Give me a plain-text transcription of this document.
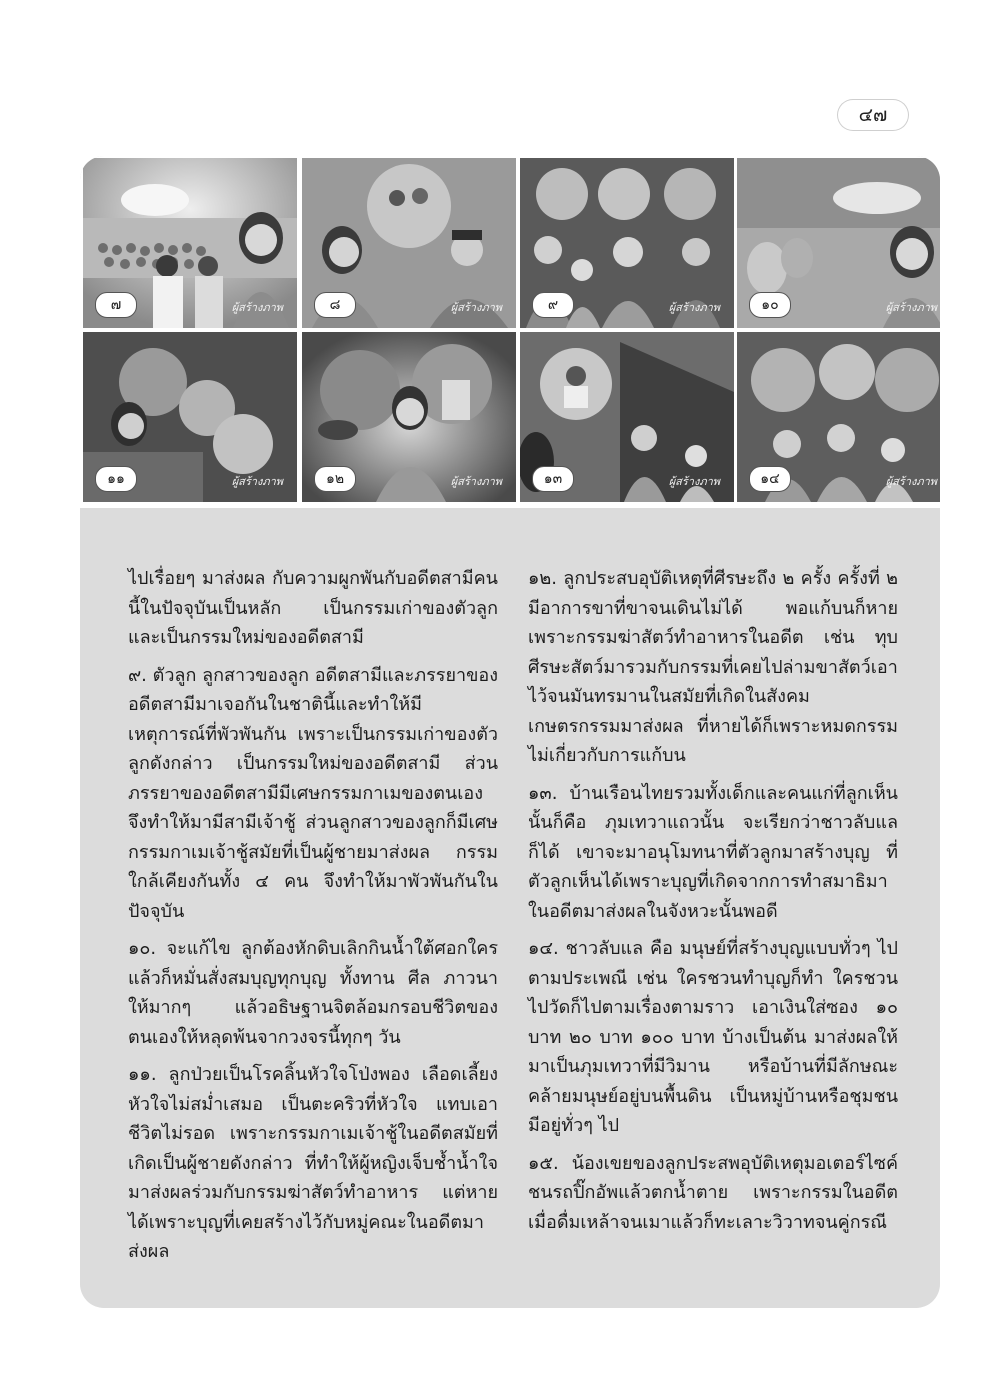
๔๗
๗	ผู้สร้างภาพ	๘	ผู้สร้างภาพ	๙	ผู้สร้างภาพ	๑๐	ผู้สร้างภาพ
๑๑	ผู้สร้างภาพ	๑๒	ผู้สร้างภาพ	๑๓	ผู้สร้างภาพ	๑๔	ผู้สร้างภาพ

ไปเรื่อยๆ มาส่งผล กับความผูกพันกับอดีตสามีคนนี้ในปัจจุบันเป็นหลัก เป็นกรรมเก่าของตัวลูก และเป็นกรรมใหม่ของอดีตสามี

๙. ตัวลูก ลูกสาวของลูก อดีตสามีและภรรยาของอดีตสามีมาเจอกันในชาตินี้และทำให้มีเหตุการณ์ที่พัวพันกัน เพราะเป็นกรรมเก่าของตัวลูกดังกล่าว เป็นกรรมใหม่ของอดีตสามี ส่วนภรรยาของอดีตสามีมีเศษกรรมกาเมของตนเอง จึงทำให้มามีสามีเจ้าชู้ ส่วนลูกสาวของลูกก็มีเศษกรรมกาเมเจ้าชู้สมัยที่เป็นผู้ชายมาส่งผล กรรมใกล้เคียงกันทั้ง ๔ คน จึงทำให้มาพัวพันกันในปัจจุบัน

๑๐. จะแก้ไข ลูกต้องหักดิบเลิกกินน้ำใต้ศอกใคร แล้วก็หมั่นสั่งสมบุญทุกบุญ ทั้งทาน ศีล ภาวนา ให้มากๆ แล้วอธิษฐานจิตล้อมกรอบชีวิตของตนเองให้หลุดพ้นจากวงจรนี้ทุกๆ วัน

๑๑. ลูกป่วยเป็นโรคลิ้นหัวใจโป่งพอง เลือดเลี้ยงหัวใจไม่สม่ำเสมอ เป็นตะคริวที่หัวใจ แทบเอาชีวิตไม่รอด เพราะกรรมกาเมเจ้าชู้ในอดีตสมัยที่เกิดเป็นผู้ชายดังกล่าว ที่ทำให้ผู้หญิงเจ็บช้ำน้ำใจมาส่งผลร่วมกับกรรมฆ่าสัตว์ทำอาหาร แต่หายได้เพราะบุญที่เคยสร้างไว้กับหมู่คณะในอดีตมาส่งผล

๑๒. ลูกประสบอุบัติเหตุที่ศีรษะถึง ๒ ครั้ง ครั้งที่ ๒ มีอาการขาที่ขาจนเดินไม่ได้ พอแก้บนก็หาย เพราะกรรมฆ่าสัตว์ทำอาหารในอดีต เช่น ทุบศีรษะสัตว์มารวมกับกรรมที่เคยไปล่ามขาสัตว์เอาไว้จนมันทรมานในสมัยที่เกิดในสังคมเกษตรกรรมมาส่งผล ที่หายได้ก็เพราะหมดกรรม ไม่เกี่ยวกับการแก้บน

๑๓. บ้านเรือนไทยรวมทั้งเด็กและคนแก่ที่ลูกเห็นนั้นก็คือ ภุมเทวาแถวนั้น จะเรียกว่าชาวลับแลก็ได้ เขาจะมาอนุโมทนาที่ตัวลูกมาสร้างบุญ ที่ตัวลูกเห็นได้เพราะบุญที่เกิดจากการทำสมาธิมาในอดีตมาส่งผลในจังหวะนั้นพอดี

๑๔. ชาวลับแล คือ มนุษย์ที่สร้างบุญแบบทั่วๆ ไป ตามประเพณี เช่น ใครชวนทำบุญก็ทำ ใครชวนไปวัดก็ไปตามเรื่องตามราว เอาเงินใส่ซอง ๑๐ บาท ๒๐ บาท ๑๐๐ บาท บ้างเป็นต้น มาส่งผลให้มาเป็นภุมเทวาที่มีวิมาน หรือบ้านที่มีลักษณะคล้ายมนุษย์อยู่บนพื้นดิน เป็นหมู่บ้านหรือชุมชน มีอยู่ทั่วๆ ไป

๑๕. น้องเขยของลูกประสพอุบัติเหตุมอเตอร์ไซค์ชนรถปิ๊กอัพแล้วตกน้ำตาย เพราะกรรมในอดีต เมื่อดื่มเหล้าจนเมาแล้วก็ทะเลาะวิวาทจนคู่กรณี
